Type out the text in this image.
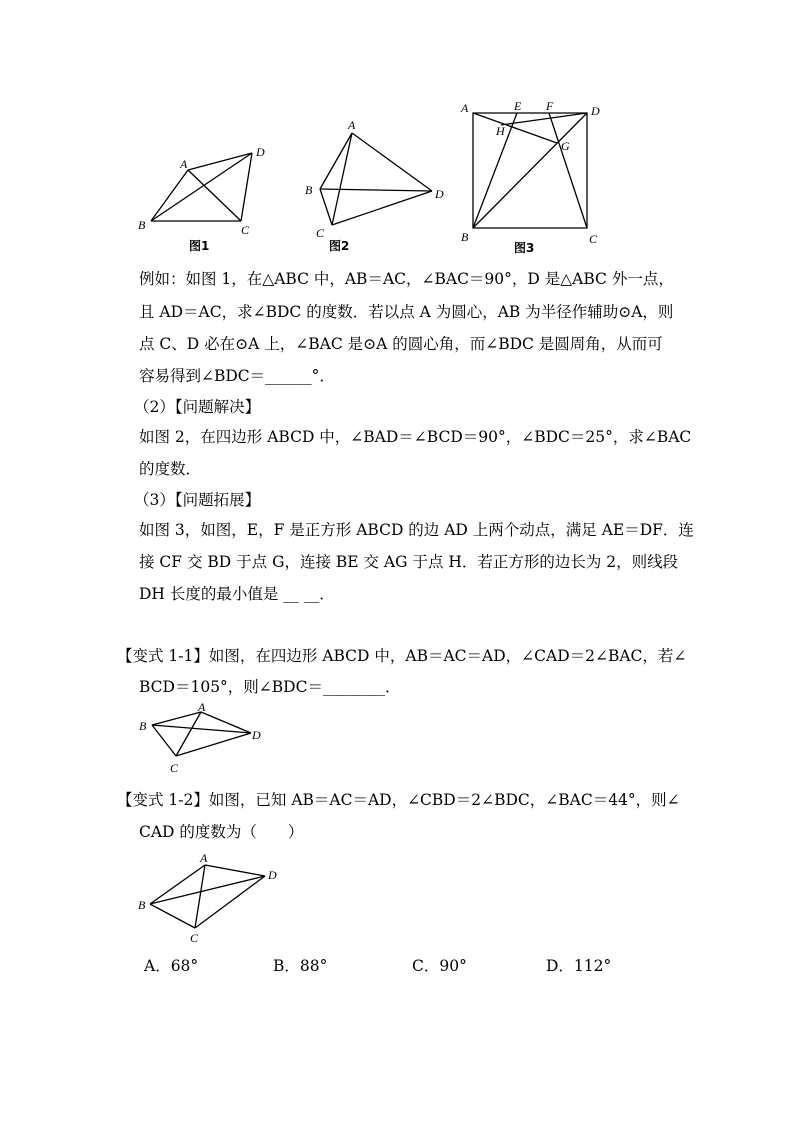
A
B	C
D
图1
A
B
C
D
图2
A	E F	D
H
G
B	C
图3
例如：如图 1，在△ABC 中，AB＝AC，∠BAC＝90°，D 是△ABC 外一点，
且 AD＝AC，求∠BDC 的度数．若以点 A 为圆心，AB 为半径作辅助⊙A，则
点 C、D 必在⊙A 上，∠BAC 是⊙A 的圆心角，而∠BDC 是圆周角，从而可
容易得到∠BDC＝______°．
（2）【问题解决】
如图 2，在四边形 ABCD 中，∠BAD＝∠BCD＝90°，∠BDC＝25°，求∠BAC
的度数．
（3）【问题拓展】
如图 3，如图，E，F 是正方形 ABCD 的边 AD 上两个动点，满足 AE＝DF．连
接 CF 交 BD 于点 G，连接 BE 交 AG 于点 H．若正方形的边长为 2，则线段
DH 长度的最小值是 __ __．
【变式 1-1】如图，在四边形 ABCD 中，AB＝AC＝AD，∠CAD＝2∠BAC，若∠
BCD＝105°，则∠BDC＝________．
A
B
C
D
【变式 1-2】如图，已知 AB＝AC＝AD，∠CBD＝2∠BDC，∠BAC＝44°，则∠
CAD 的度数为（　　）
A
B
C
D
A．68°	B．88°	C．90°	D．112°
